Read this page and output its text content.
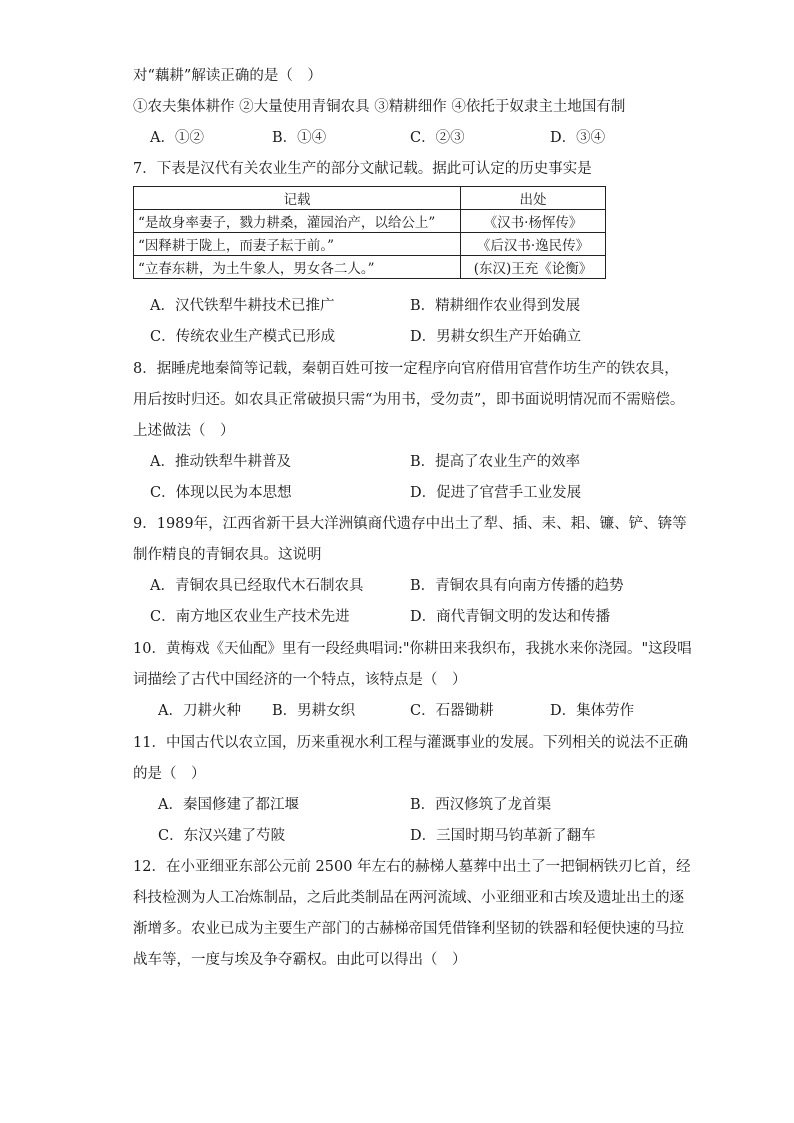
对“藕耕”解读正确的是（　）
①农夫集体耕作 ②大量使用青铜农具 ③精耕细作 ④依托于奴隶主土地国有制
A．①②	B．①④	C．②③	D．③④
7．下表是汉代有关农业生产的部分文献记载。据此可认定的历史事实是
记载	出处
“是故身率妻子，戮力耕桑，灌园治产，以给公上”	《汉书·杨恽传》
“因释耕于陇上，而妻子耘于前。”	《后汉书·逸民传》
“立春东耕，为土牛象人，男女各二人。”	(东汉)王充《论衡》
A．汉代铁犁牛耕技术已推广	B．精耕细作农业得到发展
C．传统农业生产模式已形成	D．男耕女织生产开始确立
8．据睡虎地秦简等记载，秦朝百姓可按一定程序向官府借用官营作坊生产的铁农具，
用后按时归还。如农具正常破损只需“为用书，受勿责”，即书面说明情况而不需赔偿。
上述做法（　）
A．推动铁犁牛耕普及	B．提高了农业生产的效率
C．体现以民为本思想	D．促进了官营手工业发展
9．1989年，江西省新干县大洋洲镇商代遗存中出土了犁、插、耒、耜、镰、铲、锛等
制作精良的青铜农具。这说明
A．青铜农具已经取代木石制农具	B．青铜农具有向南方传播的趋势
C．南方地区农业生产技术先进	D．商代青铜文明的发达和传播
10．黄梅戏《天仙配》里有一段经典唱词:"你耕田来我织布，我挑水来你浇园。"这段唱
词描绘了古代中国经济的一个特点，该特点是（　）
A．刀耕火种 B．男耕女织	C．石器锄耕	D．集体劳作
11．中国古代以农立国，历来重视水利工程与灌溉事业的发展。下列相关的说法不正确
的是（　）
A．秦国修建了都江堰	B．西汉修筑了龙首渠
C．东汉兴建了芍陂	D．三国时期马钧革新了翻车
12．在小亚细亚东部公元前 2500 年左右的赫梯人墓葬中出土了一把铜柄铁刃匕首，经
科技检测为人工冶炼制品，之后此类制品在两河流域、小亚细亚和古埃及遗址出土的逐
渐增多。农业已成为主要生产部门的古赫梯帝国凭借锋利坚韧的铁器和轻便快速的马拉
战车等，一度与埃及争夺霸权。由此可以得出（　）
